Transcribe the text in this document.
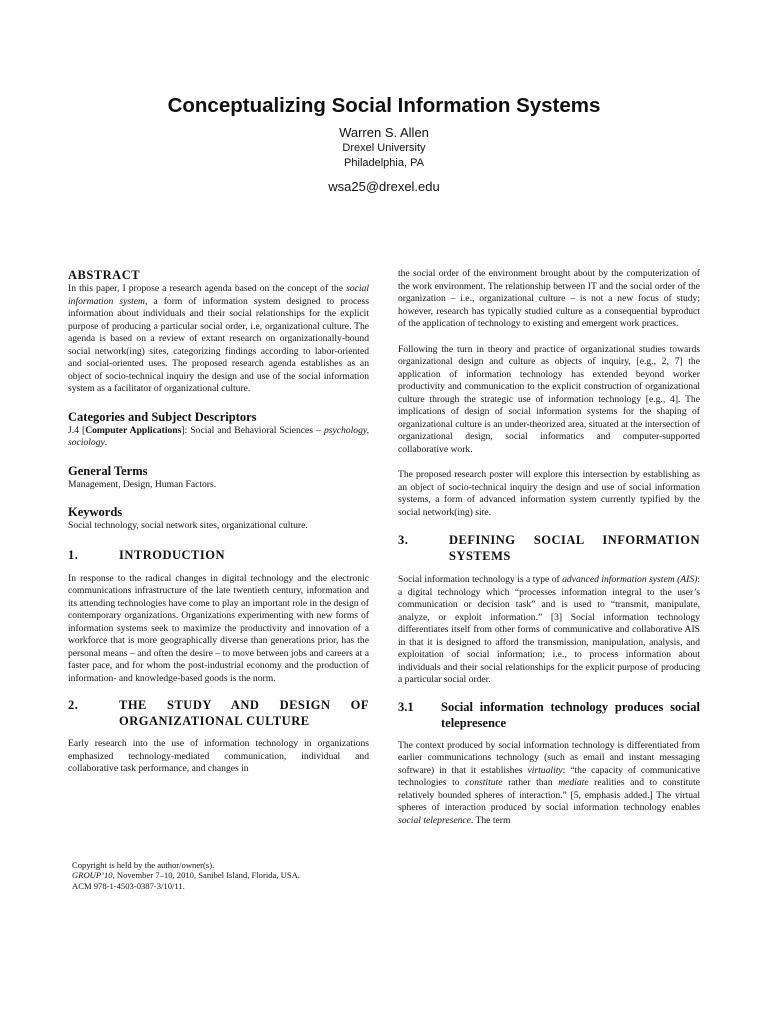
Conceptualizing Social Information Systems
Warren S. Allen
Drexel University
Philadelphia, PA
wsa25@drexel.edu
ABSTRACT

In this paper, I propose a research agenda based on the concept of the social information system, a form of information system designed to process information about individuals and their social relationships for the explicit purpose of producing a particular social order, i.e, organizational culture. The agenda is based on a review of extant research on organizationally-bound social network(ing) sites, categorizing findings according to labor-oriented and social-oriented uses. The proposed research agenda establishes as an object of socio-technical inquiry the design and use of the social information system as a facilitator of organizational culture.

Categories and Subject Descriptors

J.4 [Computer Applications]: Social and Behavioral Sciences – psychology, sociology.

General Terms

Management, Design, Human Factors.

Keywords

Social technology, social network sites, organizational culture.

1.	INTRODUCTION

In response to the radical changes in digital technology and the electronic communications infrastructure of the late twentieth century, information and its attending technologies have come to play an important role in the design of contemporary organizations. Organizations experimenting with new forms of information systems seek to maximize the productivity and innovation of a workforce that is more geographically diverse than generations prior, has the personal means – and often the desire – to move between jobs and careers at a faster pace, and for whom the post-industrial economy and the production of information- and knowledge-based goods is the norm.

2.	THE STUDY AND DESIGN OF ORGANIZATIONAL CULTURE

Early research into the use of information technology in organizations emphasized technology-mediated communication, individual and collaborative task performance, and changes in

the social order of the environment brought about by the computerization of the work environment. The relationship between IT and the social order of the organization – i.e., organizational culture – is not a new focus of study; however, research has typically studied culture as a consequential byproduct of the application of technology to existing and emergent work practices.

Following the turn in theory and practice of organizational studies towards organizational design and culture as objects of inquiry, [e.g., 2, 7] the application of information technology has extended beyond worker productivity and communication to the explicit construction of organizational culture through the strategic use of information technology [e.g., 4]. The implications of design of social information systems for the shaping of organizational culture is an under-theorized area, situated at the intersection of organizational design, social informatics and computer-supported collaborative work.

The proposed research poster will explore this intersection by establishing as an object of socio-technical inquiry the design and use of social information systems, a form of advanced information system currently typified by the social network(ing) site.

3.	DEFINING SOCIAL INFORMATION SYSTEMS

Social information technology is a type of advanced information system (AIS): a digital technology which “processes information integral to the user’s communication or decision task” and is used to “transmit, manipulate, analyze, or exploit information.” [3] Social information technology differentiates itself from other forms of communicative and collaborative AIS in that it is designed to afford the transmission, manipulation, analysis, and exploitation of social information; i.e., to process information about individuals and their social relationships for the explicit purpose of producing a particular social order.

3.1	Social information technology produces social telepresence

The context produced by social information technology is differentiated from earlier communications technology (such as email and instant messaging software) in that it establishes virtuality: “the capacity of communicative technologies to constitute rather than mediate realities and to constitute relatively bounded spheres of interaction.” [5, emphasis added.] The virtual spheres of interaction produced by social information technology enables social telepresence. The term

Copyright is held by the author/owner(s).
GROUP’10, November 7–10, 2010, Sanibel Island, Florida, USA.
ACM 978-1-4503-0387-3/10/11.
